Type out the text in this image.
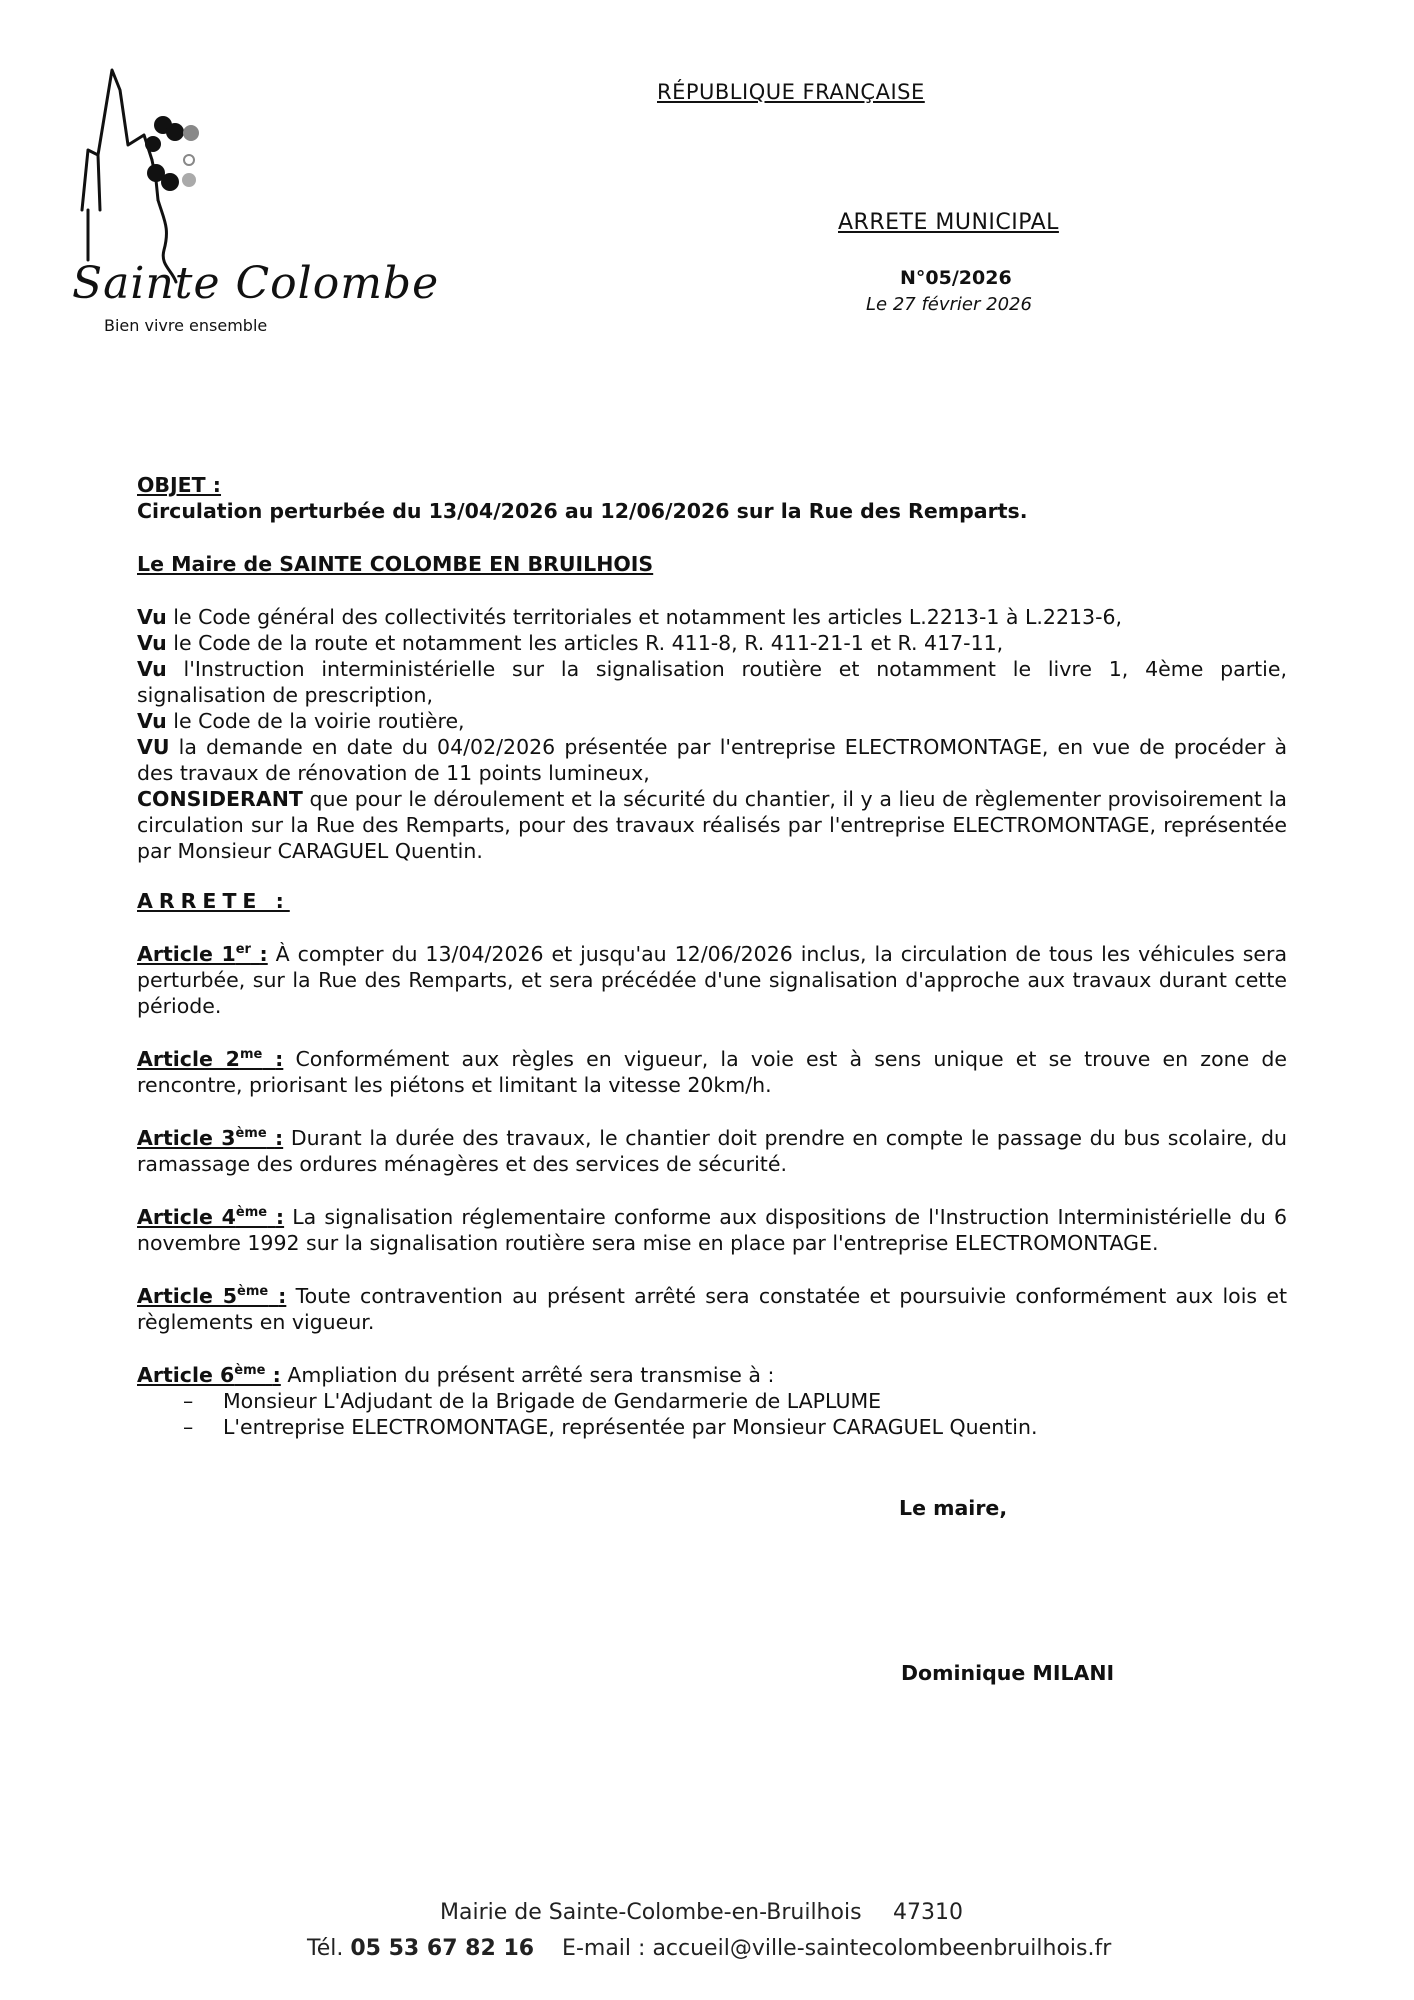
Sainte Colombe
Bien vivre ensemble
RÉPUBLIQUE FRANÇAISE
ARRETE MUNICIPAL
N°05/2026
Le 27 février 2026

OBJET :

Circulation perturbée du 13/04/2026 au 12/06/2026 sur la Rue des Remparts.

Le Maire de SAINTE COLOMBE EN BRUILHOIS

Vu le Code général des collectivités territoriales et notamment les articles L.2213-1 à L.2213-6,

Vu le Code de la route et notamment les articles R. 411-8, R. 411-21-1 et R. 417-11,

Vu l'Instruction interministérielle sur la signalisation routière et notamment le livre 1, 4ème partie, signalisation de prescription,

Vu le Code de la voirie routière,

VU la demande en date du 04/02/2026 présentée par l'entreprise ELECTROMONTAGE, en vue de procéder à des travaux de rénovation de 11 points lumineux,

CONSIDERANT que pour le déroulement et la sécurité du chantier, il y a lieu de règlementer provisoirement la circulation sur la Rue des Remparts, pour des travaux réalisés par l'entreprise ELECTROMONTAGE, représentée par Monsieur CARAGUEL Quentin.

ARRETE :

Article 1er : À compter du 13/04/2026 et jusqu'au 12/06/2026 inclus, la circulation de tous les véhicules sera perturbée, sur la Rue des Remparts, et sera précédée d'une signalisation d'approche aux travaux durant cette période.

Article $2^{me}$ : Conformément aux règles en vigueur, la voie est à sens unique et se trouve en zone de rencontre, priorisant les piétons et limitant la vitesse 20km/h.

Article 3ème : Durant la durée des travaux, le chantier doit prendre en compte le passage du bus scolaire, du ramassage des ordures ménagères et des services de sécurité.

Article 4ème : La signalisation réglementaire conforme aux dispositions de l'Instruction Interministérielle du 6 novembre 1992 sur la signalisation routière sera mise en place par l'entreprise ELECTROMONTAGE.

Article 5ème : Toute contravention au présent arrêté sera constatée et poursuivie conformément aux lois et règlements en vigueur.

Article 6ème : Ampliation du présent arrêté sera transmise à :

– Monsieur L'Adjudant de la Brigade de Gendarmerie de LAPLUME

– L'entreprise ELECTROMONTAGE, représentée par Monsieur CARAGUEL Quentin.

Le maire,
Dominique MILANI
Mairie de Sainte-Colombe-en-Bruilhois 47310
Tél. 05 53 67 82 16 E-mail : accueil@ville-saintecolombeenbruilhois.fr
